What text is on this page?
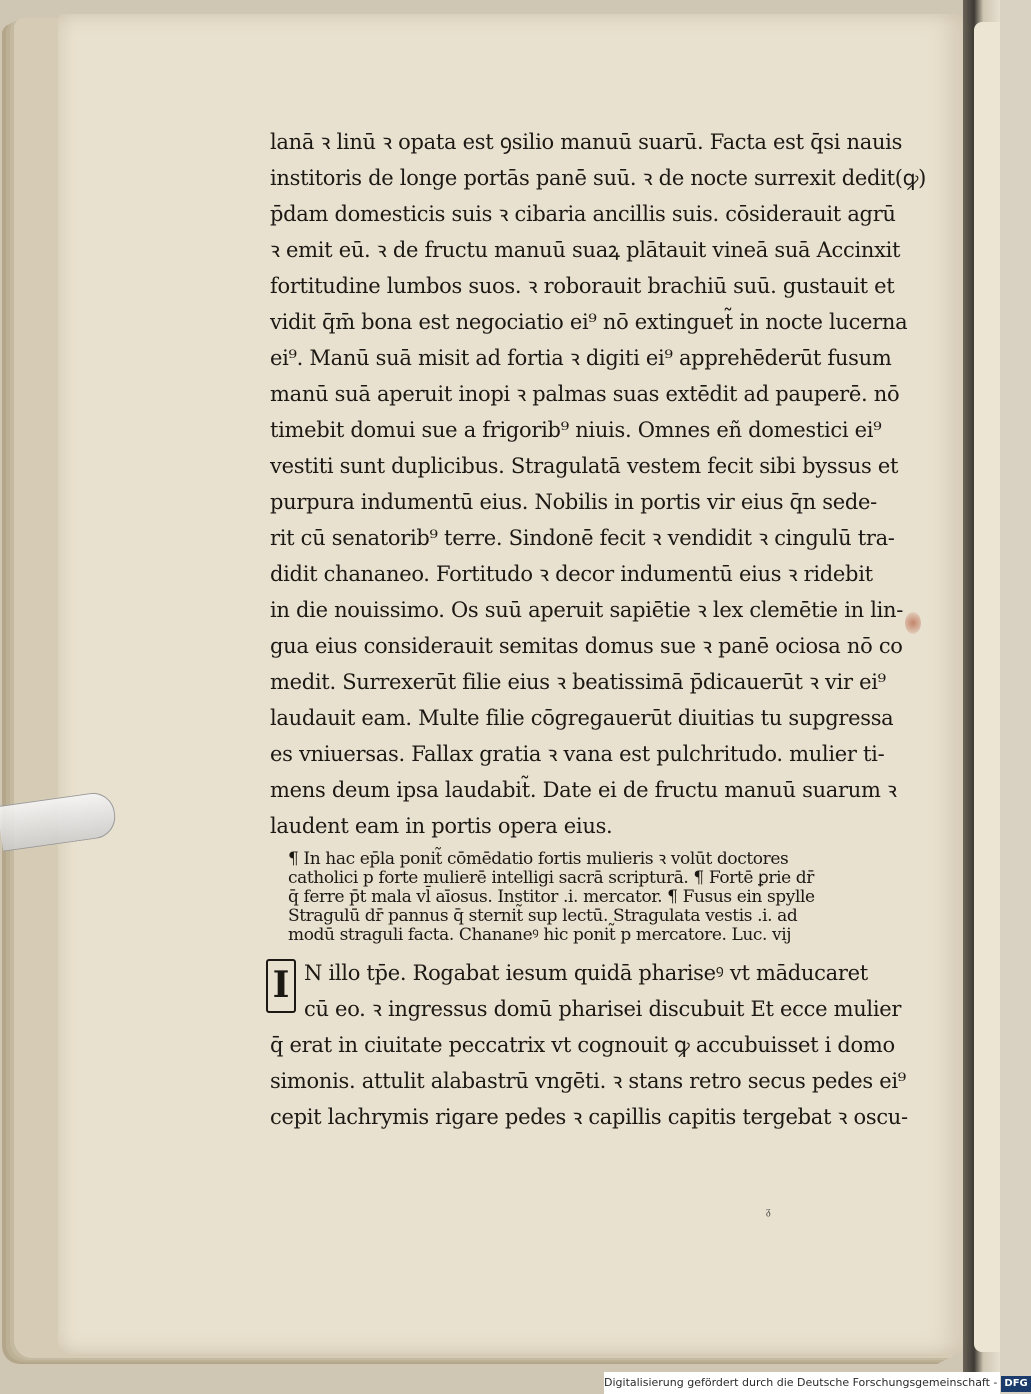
lanā ꝛ linū ꝛ opata est ꝯsilio manuū suarū. Facta est q̄si nauis
institoris de longe portās panē suū. ꝛ de nocte surrexit dedit(ꝙ)
p̄dam domesticis suis ꝛ cibaria ancillis suis. cōsiderauit agrū
ꝛ emit eū. ꝛ de fructu manuū suaꝝ plātauit vineā suā Accinxit
fortitudine lumbos suos. ꝛ roborauit brachiū suū. gustauit et
vidit q̄m̄ bona est negociatio ei⁹ nō extinguet̃ in nocte lucerna
ei⁹. Manū suā misit ad fortia ꝛ digiti ei⁹ apprehēderūt fusum
manū suā aperuit inopi ꝛ palmas suas extēdit ad pauperē. nō
timebit domui sue a frigorib⁹ niuis. Omnes eñ domestici ei⁹
vestiti sunt duplicibus. Stragulatā vestem fecit sibi byssus et
purpura indumentū eius. Nobilis in portis vir eius q̄n sede-
rit cū senatorib⁹ terre. Sindonē fecit ꝛ vendidit ꝛ cingulū tra-
didit chananeo. Fortitudo ꝛ decor indumentū eius ꝛ ridebit
in die nouissimo. Os suū aperuit sapiētie ꝛ lex clemētie in lin-
gua eius considerauit semitas domus sue ꝛ panē ociosa nō co
medit. Surrexerūt filie eius ꝛ beatissimā p̄dicauerūt ꝛ vir ei⁹
laudauit eam. Multe filie cōgregauerūt diuitias tu supgressa
es vniuersas. Fallax gratia ꝛ vana est pulchritudo. mulier ti-
mens deum ipsa laudabit̃. Date ei de fructu manuū suarum ꝛ
laudent eam in portis opera eius.
¶ In hac ep̄la ponit̃ cōmēdatio fortis mulieris ꝛ volūt doctores
catholici p forte mulierē intelligi sacrā scripturā. ¶ Fortē ꝑrie dr̄
q̄ ferre p̄t mala vl̄ aīosus. Institor .i. mercator. ¶ Fusus ein spylle
Stragulū dr̄ pannus q̄ sternit̃ sup lectū. Stragulata vestis .i. ad
modū straguli facta. Chananeꝰ hic ponit̃ p mercatore. Luc. vij
I N illo tp̄e. Rogabat iesum quidā phariseꝰ vt māducaret
cū eo. ꝛ ingressus domū pharisei discubuit Et ecce mulier
q̄ erat in ciuitate peccatrix vt cognouit ꝙ accubuisset i domo
simonis. attulit alabastrū vngēti. ꝛ stans retro secus pedes ei⁹
cepit lachrymis rigare pedes ꝛ capillis capitis tergebat ꝛ oscu-
ᵹ
Digitalisierung gefördert durch die Deutsche Forschungsgemeinschaft - DFG
